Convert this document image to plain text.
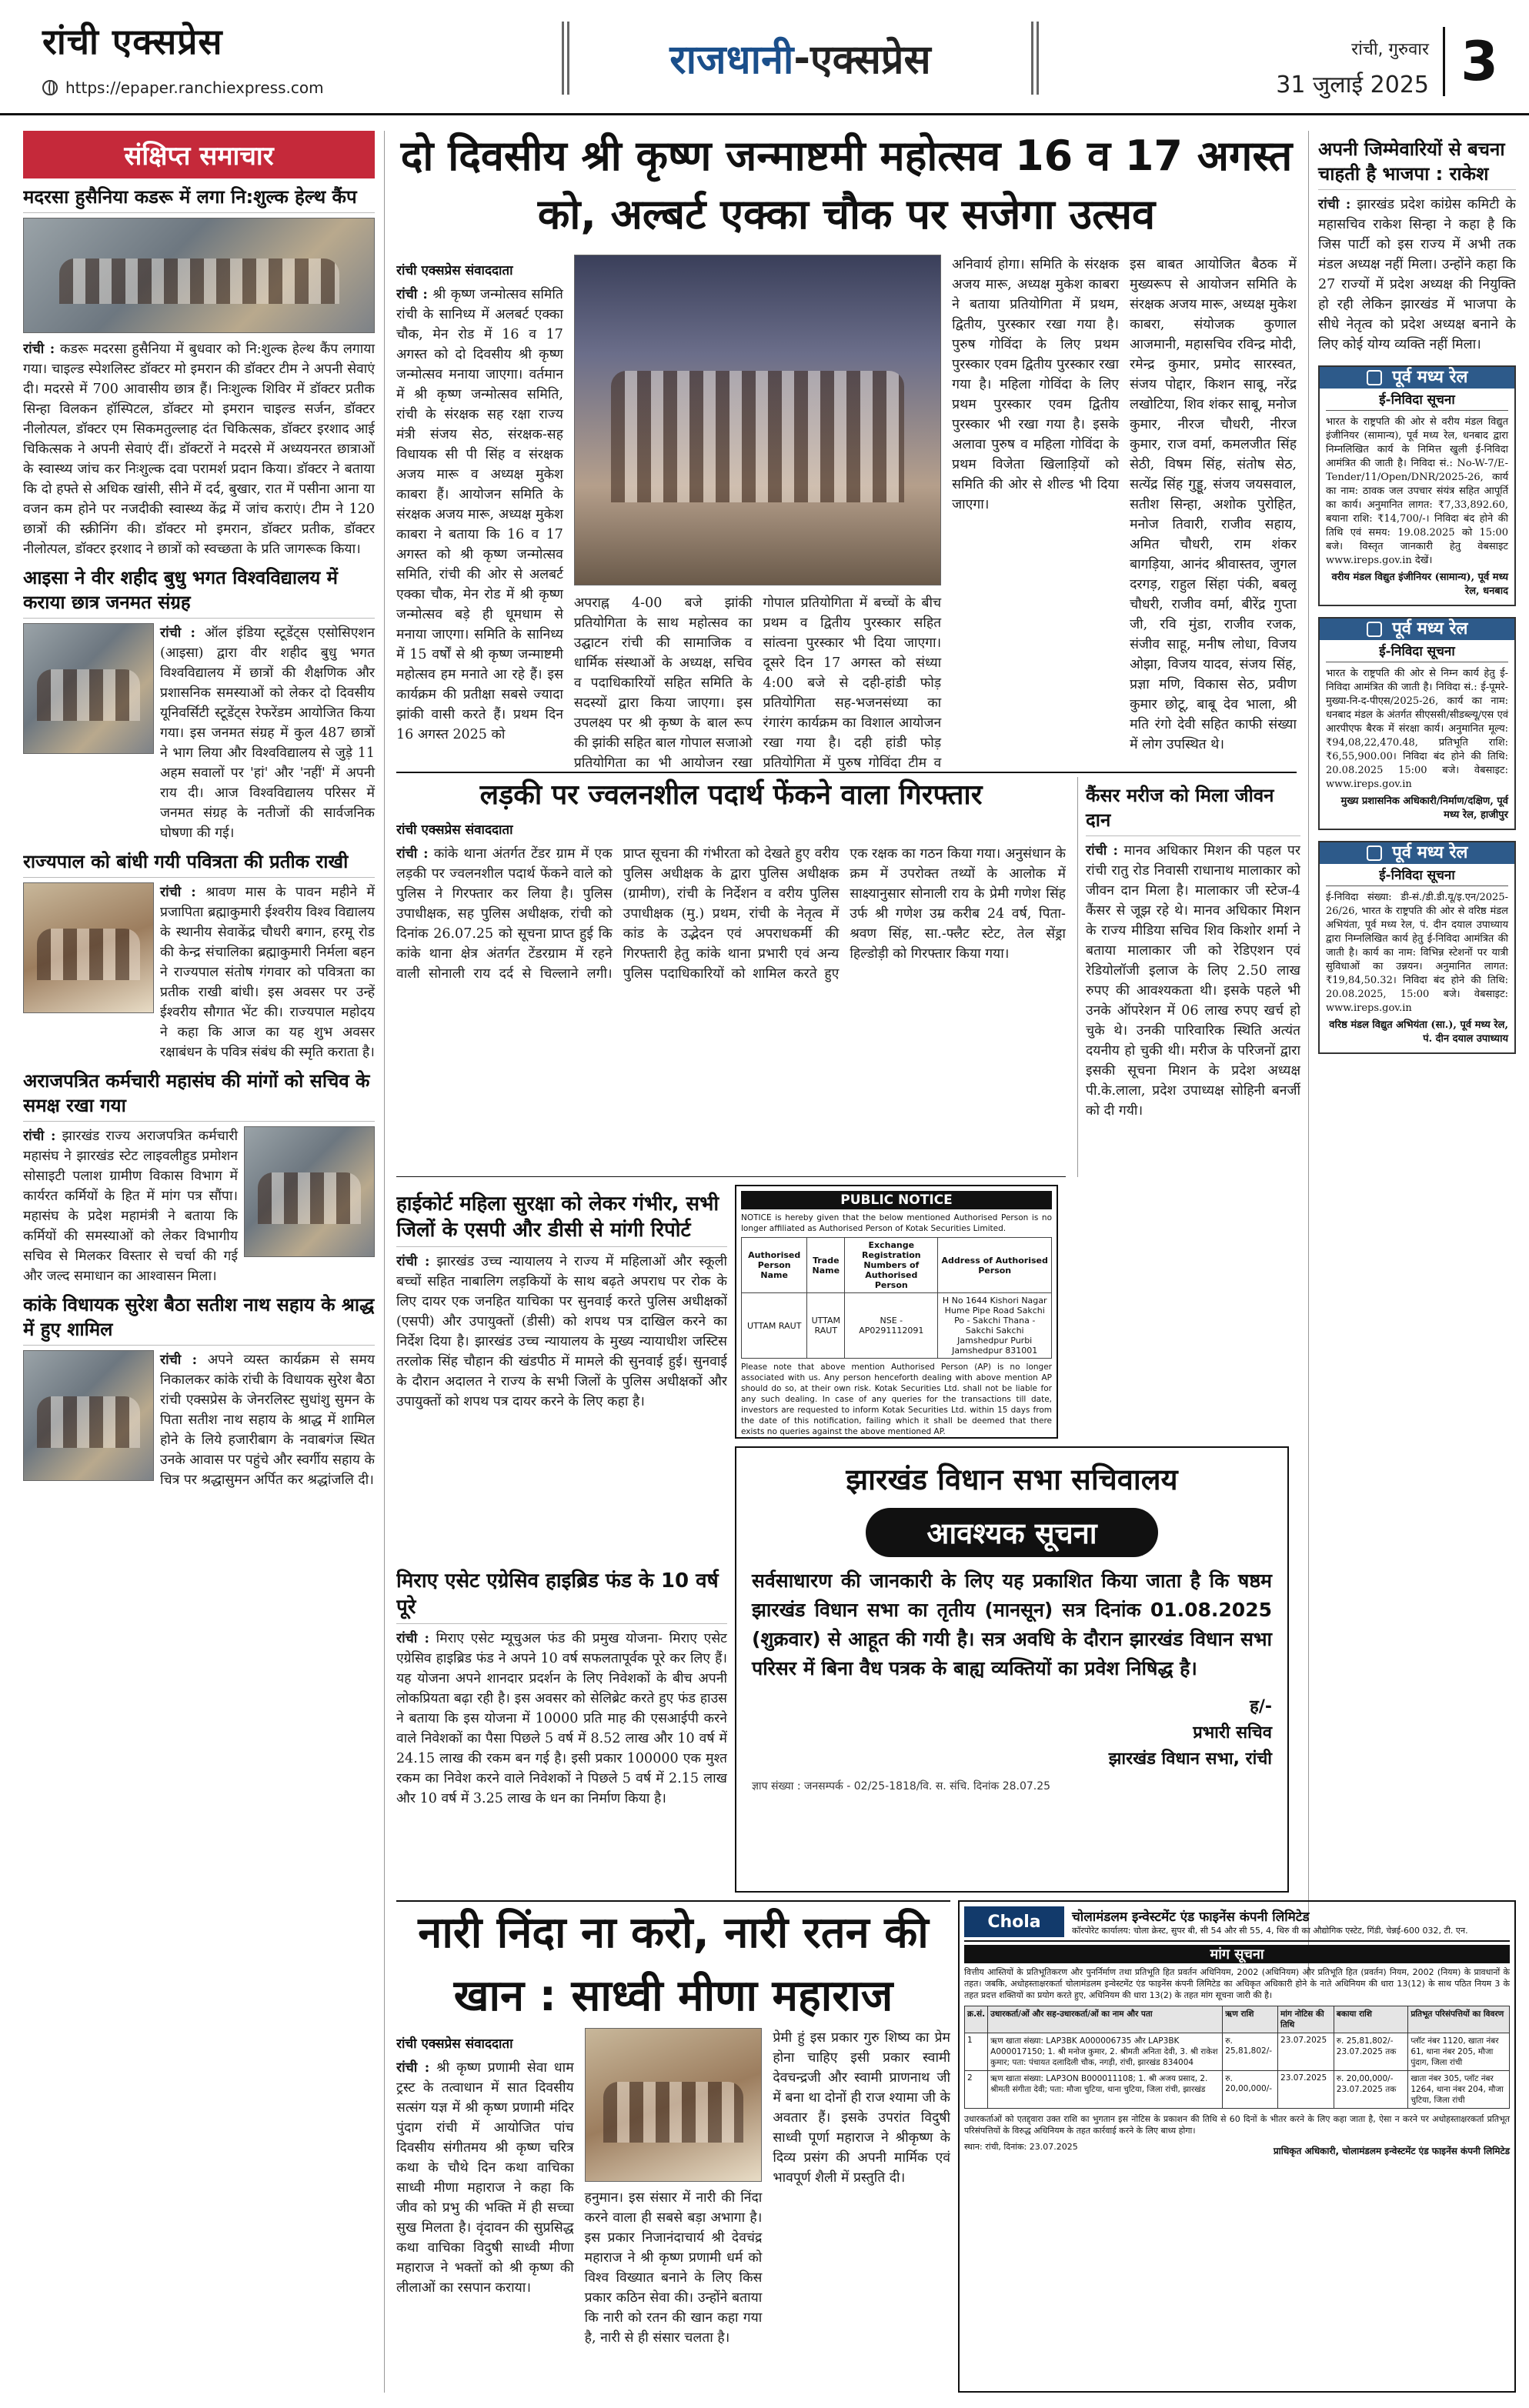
रांची एक्सप्रेस
https://epaper.ranchiexpress.com
राजधानी - एक्सप्रेस	रांची, गुरुवार
31 जुलाई 2025 3
संक्षिप्त समाचार
मदरसा हुसैनिया कडरू में लगा नि:शुल्क हेल्थ कैंप

रांची : कडरू मदरसा हुसैनिया में बुधवार को नि:शुल्क हेल्थ कैंप लगाया गया। चाइल्ड स्पेशलिस्ट डॉक्टर मो इमरान की डॉक्टर टीम ने अपनी सेवाएं दी। मदरसे में 700 आवासीय छात्र हैं। निःशुल्क शिविर में डॉक्टर प्रतीक सिन्हा विलकन हॉस्पिटल, डॉक्टर मो इमरान चाइल्ड सर्जन, डॉक्टर नीलोत्पल, डॉक्टर एम सिकमतुल्लाह दंत चिकित्सक, डॉक्टर इरशाद आई चिकित्सक ने अपनी सेवाएं दीं। डॉक्टरों ने मदरसे में अध्ययनरत छात्राओं के स्वास्थ्य जांच कर निःशुल्क दवा परामर्श प्रदान किया। डॉक्टर ने बताया कि दो हफ्ते से अधिक खांसी, सीने में दर्द, बुखार, रात में पसीना आना या वजन कम होने पर नजदीकी स्वास्थ्य केंद्र में जांच कराएं। टीम ने 120 छात्रों की स्क्रीनिंग की। डॉक्टर मो इमरान, डॉक्टर प्रतीक, डॉक्टर नीलोत्पल, डॉक्टर इरशाद ने छात्रों को स्वच्छता के प्रति जागरूक किया।

आइसा ने वीर शहीद बुधु भगत विश्वविद्यालय में कराया छात्र जनमत संग्रह

रांची : ऑल इंडिया स्टूडेंट्स एसोसिएशन (आइसा) द्वारा वीर शहीद बुधु भगत विश्वविद्यालय में छात्रों की शैक्षणिक और प्रशासनिक समस्याओं को लेकर दो दिवसीय यूनिवर्सिटी स्टूडेंट्स रेफरेंडम आयोजित किया गया। इस जनमत संग्रह में कुल 487 छात्रों ने भाग लिया और विश्वविद्यालय से जुड़े 11 अहम सवालों पर 'हां' और 'नहीं' में अपनी राय दी। आज विश्वविद्यालय परिसर में जनमत संग्रह के नतीजों की सार्वजनिक घोषणा की गई।

राज्यपाल को बांधी गयी पवित्रता की प्रतीक राखी

रांची : श्रावण मास के पावन महीने में प्रजापिता ब्रह्माकुमारी ईश्वरीय विश्व विद्यालय के स्थानीय सेवाकेंद्र चौधरी बगान, हरमू रोड की केन्द्र संचालिका ब्रह्माकुमारी निर्मला बहन ने राज्यपाल संतोष गंगवार को पवित्रता का प्रतीक राखी बांधी। इस अवसर पर उन्हें ईश्वरीय सौगात भेंट की। राज्यपाल महोदय ने कहा कि आज का यह शुभ अवसर रक्षाबंधन के पवित्र संबंध की स्मृति कराता है।

अराजपत्रित कर्मचारी महासंघ की मांगों को सचिव के समक्ष रखा गया

रांची : झारखंड राज्य अराजपत्रित कर्मचारी महासंघ ने झारखंड स्टेट लाइवलीहुड प्रमोशन सोसाइटी पलाश ग्रामीण विकास विभाग में कार्यरत कर्मियों के हित में मांग पत्र सौंपा। महासंघ के प्रदेश महामंत्री ने बताया कि कर्मियों की समस्याओं को लेकर विभागीय सचिव से मिलकर विस्तार से चर्चा की गई और जल्द समाधान का आश्वासन मिला।

कांके विधायक सुरेश बैठा सतीश नाथ सहाय के श्राद्ध में हुए शामिल

रांची : अपने व्यस्त कार्यक्रम से समय निकालकर कांके रांची के विधायक सुरेश बैठा रांची एक्सप्रेस के जेनरलिस्ट सुधांशु सुमन के पिता सतीश नाथ सहाय के श्राद्ध में शामिल होने के लिये हजारीबाग के नवाबगंज स्थित उनके आवास पर पहुंचे और स्वर्गीय सहाय के चित्र पर श्रद्धासुमन अर्पित कर श्रद्धांजलि दी।

दो दिवसीय श्री कृष्ण जन्माष्टमी महोत्सव 16 व 17 अगस्त को, अल्बर्ट एक्का चौक पर सजेगा उत्सव
रांची एक्सप्रेस संवाददाता

रांची : श्री कृष्ण जन्मोत्सव समिति रांची के सानिध्य में अलबर्ट एक्का चौक, मेन रोड में 16 व 17 अगस्त को दो दिवसीय श्री कृष्ण जन्मोत्सव मनाया जाएगा। वर्तमान में श्री कृष्ण जन्मोत्सव समिति, रांची के संरक्षक सह रक्षा राज्य मंत्री संजय सेठ, संरक्षक-सह विधायक सी पी सिंह व संरक्षक अजय मारू व अध्यक्ष मुकेश काबरा हैं। आयोजन समिति के संरक्षक अजय मारू, अध्यक्ष मुकेश काबरा ने बताया कि 16 व 17 अगस्त को श्री कृष्ण जन्मोत्सव समिति, रांची की ओर से अलबर्ट एक्का चौक, मेन रोड में श्री कृष्ण जन्मोत्सव बड़े ही धूमधाम से मनाया जाएगा। समिति के सानिध्य में 15 वर्षों से श्री कृष्ण जन्माष्टमी महोत्सव हम मनाते आ रहे हैं। इस कार्यक्रम की प्रतीक्षा सबसे ज्यादा झांकी वासी करते हैं। प्रथम दिन 16 अगस्त 2025 को

अपराह्न 4-00 बजे झांकी प्रतियोगिता के साथ महोत्सव का उद्घाटन रांची की सामाजिक व धार्मिक संस्थाओं के अध्यक्ष, सचिव व पदाधिकारियों सहित समिति के सदस्यों द्वारा किया जाएगा। इस उपलक्ष्य पर श्री कृष्ण के बाल रूप की झांकी सहित बाल गोपाल सजाओ प्रतियोगिता का भी आयोजन रखा

गोपाल प्रतियोगिता में बच्चों के बीच प्रथम व द्वितीय पुरस्कार सहित सांत्वना पुरस्कार भी दिया जाएगा। दूसरे दिन 17 अगस्त को संध्या 4:00 बजे से दही-हांडी फोड़ प्रतियोगिता सह-भजनसंध्या का रंगारंग कार्यक्रम का विशाल आयोजन रखा गया है। दही हांडी फोड़ प्रतियोगिता में पुरुष गोविंदा टीम व

अनिवार्य होगा। समिति के संरक्षक अजय मारू, अध्यक्ष मुकेश काबरा ने बताया प्रतियोगिता में प्रथम, द्वितीय, पुरस्कार रखा गया है। पुरुष गोविंदा के लिए प्रथम पुरस्कार एवम द्वितीय पुरस्कार रखा गया है। महिला गोविंदा के लिए प्रथम पुरस्कार एवम द्वितीय पुरस्कार भी रखा गया है। इसके अलावा पुरुष व महिला गोविंदा के प्रथम विजेता खिलाड़ियों को समिति की ओर से शील्ड भी दिया जाएगा।

इस बाबत आयोजित बैठक में मुख्यरूप से आयोजन समिति के संरक्षक अजय मारू, अध्यक्ष मुकेश काबरा, संयोजक कुणाल आजमानी, महासचिव रविन्द्र मोदी, रमेन्द्र कुमार, प्रमोद सारस्वत, संजय पोद्दार, किशन साबू, नरेंद्र लखोटिया, शिव शंकर साबू, मनोज कुमार, नीरज चौधरी, नीरज कुमार, राज वर्मा, कमलजीत सिंह सेठी, विषम सिंह, संतोष सेठ, सत्येंद्र सिंह गुड्डू, संजय जयसवाल, सतीश सिन्हा, अशोक पुरोहित, मनोज तिवारी, राजीव सहाय, अमित चौधरी, राम शंकर बागड़िया, आनंद श्रीवास्तव, जुगल दरगड़, राहुल सिंहा पंकी, बबलू चौधरी, राजीव वर्मा, बीरेंद्र गुप्ता जी, रवि मुंडा, राजीव रजक, संजीव साहू, मनीष लोधा, विजय ओझा, विजय यादव, संजय सिंह, प्रज्ञा मणि, विकास सेठ, प्रवीण कुमार छोटू, बाबू देव भाला, श्री मति रंगो देवी सहित काफी संख्या में लोग उपस्थित थे।

अपनी जिम्मेवारियों से बचना चाहती है भाजपा : राकेश

रांची : झारखंड प्रदेश कांग्रेस कमिटी के महासचिव राकेश सिन्हा ने कहा है कि जिस पार्टी को इस राज्य में अभी तक मंडल अध्यक्ष नहीं मिला। उन्होंने कहा कि 27 राज्यों में प्रदेश अध्यक्ष की नियुक्ति हो रही लेकिन झारखंड में भाजपा के सीधे नेतृत्व को प्रदेश अध्यक्ष बनाने के लिए कोई योग्य व्यक्ति नहीं मिला।

पूर्व मध्य रेल
ई-निविदा सूचना

भारत के राष्ट्रपति की ओर से वरीय मंडल विद्युत इंजीनियर (सामान्य), पूर्व मध्य रेल, धनबाद द्वारा निम्नलिखित कार्य के निमित्त खुली ई-निविदा आमंत्रित की जाती है। निविदा सं.: No-W-7/E-Tender/11/Open/DNR/2025-26, कार्य का नाम: ठावक जल उपचार संयंत्र सहित आपूर्ति का कार्य। अनुमानित लागत: ₹7,33,892.60, बयाना राशि: ₹14,700/-। निविदा बंद होने की तिथि एवं समय: 19.08.2025 को 15:00 बजे। विस्तृत जानकारी हेतु वेबसाइट www.ireps.gov.in देखें।

वरीय मंडल विद्युत इंजीनियर (सामान्य), पूर्व मध्य रेल, धनबाद

पूर्व मध्य रेल
ई-निविदा सूचना

भारत के राष्ट्रपति की ओर से निम्न कार्य हेतु ई-निविदा आमंत्रित की जाती है। निविदा सं.: ई-पूमरे-मुख्या-नि-द-पीएस/2025-26, कार्य का नाम: धनबाद मंडल के अंतर्गत सीएससी/सीडब्ल्यू/एस एवं आरपीएफ बैरक में संरक्षा कार्य। अनुमानित मूल्य: ₹94,08,22,470.48, प्रतिभूति राशि: ₹6,55,900.00। निविदा बंद होने की तिथि: 20.08.2025 15:00 बजे। वेबसाइट: www.ireps.gov.in

मुख्य प्रशासनिक अधिकारी/निर्माण/दक्षिण, पूर्व मध्य रेल, हाजीपुर

पूर्व मध्य रेल
ई-निविदा सूचना

ई-निविदा संख्या: डी-सं./डी.डी.यू/इ.एन/2025-26/26, भारत के राष्ट्रपति की ओर से वरिष्ठ मंडल अभियंता, पूर्व मध्य रेल, पं. दीन दयाल उपाध्याय द्वारा निम्नलिखित कार्य हेतु ई-निविदा आमंत्रित की जाती है। कार्य का नाम: विभिन्न स्टेशनों पर यात्री सुविधाओं का उन्नयन। अनुमानित लागत: ₹19,84,50.32। निविदा बंद होने की तिथि: 20.08.2025, 15:00 बजे। वेबसाइट: www.ireps.gov.in

वरिष्ठ मंडल विद्युत अभियंता (सा.), पूर्व मध्य रेल, पं. दीन दयाल उपाध्याय

लड़की पर ज्वलनशील पदार्थ फेंकने वाला गिरफ्तार
रांची एक्सप्रेस संवाददाता

रांची : कांके थाना अंतर्गत टेंडर ग्राम में एक लड़की पर ज्वलनशील पदार्थ फेंकने वाले को पुलिस ने गिरफ्तार कर लिया है। पुलिस उपाधीक्षक, सह पुलिस अधीक्षक, रांची को दिनांक 26.07.25 को सूचना प्राप्त हुई कि कांके थाना क्षेत्र अंतर्गत टेंडरग्राम में रहने वाली सोनाली राय दर्द से चिल्लाने लगी। प्राप्त सूचना की गंभीरता को देखते हुए वरीय पुलिस अधीक्षक के द्वारा पुलिस अधीक्षक (ग्रामीण), रांची के निर्देशन व वरीय पुलिस उपाधीक्षक (मु.) प्रथम, रांची के नेतृत्व में कांड के उद्भेदन एवं अपराधकर्मी की गिरफ्तारी हेतु कांके थाना प्रभारी एवं अन्य पुलिस पदाधिकारियों को शामिल करते हुए एक रक्षक का गठन किया गया। अनुसंधान के क्रम में उपरोक्त तथ्यों के आलोक में साक्ष्यानुसार सोनाली राय के प्रेमी गणेश सिंह उर्फ श्री गणेश उम्र करीब 24 वर्ष, पिता-श्रवण सिंह, सा.-फ्लैट स्टेट, तेल सेंड्रा हिल्डोड़ी को गिरफ्तार किया गया।

कैंसर मरीज को मिला जीवन दान

रांची : मानव अधिकार मिशन की पहल पर रांची रातु रोड निवासी राधानाथ मालाकार को जीवन दान मिला है। मालाकार जी स्टेज-4 कैंसर से जूझ रहे थे। मानव अधिकार मिशन के राज्य मीडिया सचिव शिव किशोर शर्मा ने बताया मालाकार जी को रेडिएशन एवं रेडियोलॉजी इलाज के लिए 2.50 लाख रुपए की आवश्यकता थी। इसके पहले भी उनके ऑपरेशन में 06 लाख रुपए खर्च हो चुके थे। उनकी पारिवारिक स्थिति अत्यंत दयनीय हो चुकी थी। मरीज के परिजनों द्वारा इसकी सूचना मिशन के प्रदेश अध्यक्ष पी.के.लाला, प्रदेश उपाध्यक्ष सोहिनी बनर्जी को दी गयी।

हाईकोर्ट महिला सुरक्षा को लेकर गंभीर, सभी जिलों के एसपी और डीसी से मांगी रिपोर्ट

रांची : झारखंड उच्च न्यायालय ने राज्य में महिलाओं और स्कूली बच्चों सहित नाबालिग लड़कियों के साथ बढ़ते अपराध पर रोक के लिए दायर एक जनहित याचिका पर सुनवाई करते पुलिस अधीक्षकों (एसपी) और उपायुक्तों (डीसी) को शपथ पत्र दाखिल करने का निर्देश दिया है। झारखंड उच्च न्यायालय के मुख्य न्यायाधीश जस्टिस तरलोक सिंह चौहान की खंडपीठ में मामले की सुनवाई हुई। सुनवाई के दौरान अदालत ने राज्य के सभी जिलों के पुलिस अधीक्षकों और उपायुक्तों को शपथ पत्र दायर करने के लिए कहा है।

PUBLIC NOTICE

NOTICE is hereby given that the below mentioned Authorised Person is no longer affiliated as Authorised Person of Kotak Securities Limited.

Authorised Person Name	Trade Name	Exchange Registration Numbers of Authorised Person	Address of Authorised Person
UTTAM RAUT	UTTAM RAUT	NSE - AP0291112091	H No 1644 Kishori Nagar Hume Pipe Road Sakchi Po - Sakchi Thana - Sakchi Sakchi Jamshedpur Purbi Jamshedpur 831001

Please note that above mention Authorised Person (AP) is no longer associated with us. Any person henceforth dealing with above mention AP should do so, at their own risk. Kotak Securities Ltd. shall not be liable for any such dealing. In case of any queries for the transactions till date, investors are requested to inform Kotak Securities Ltd. within 15 days from the date of this notification, failing which it shall be deemed that there exists no queries against the above mentioned AP.

मिराए एसेट एग्रेसिव हाइब्रिड फंड के 10 वर्ष पूरे

रांची : मिराए एसेट म्यूचुअल फंड की प्रमुख योजना- मिराए एसेट एग्रेसिव हाइब्रिड फंड ने अपने 10 वर्ष सफलतापूर्वक पूरे कर लिए हैं। यह योजना अपने शानदार प्रदर्शन के लिए निवेशकों के बीच अपनी लोकप्रियता बढ़ा रही है। इस अवसर को सेलिब्रेट करते हुए फंड हाउस ने बताया कि इस योजना में 10000 प्रति माह की एसआईपी करने वाले निवेशकों का पैसा पिछले 5 वर्ष में 8.52 लाख और 10 वर्ष में 24.15 लाख की रकम बन गई है। इसी प्रकार 100000 एक मुश्त रकम का निवेश करने वाले निवेशकों ने पिछले 5 वर्ष में 2.15 लाख और 10 वर्ष में 3.25 लाख के धन का निर्माण किया है।

झारखंड विधान सभा सचिवालय
आवश्यक सूचना

सर्वसाधारण की जानकारी के लिए यह प्रकाशित किया जाता है कि षष्ठम झारखंड विधान सभा का तृतीय (मानसून) सत्र दिनांक 01.08.2025 (शुक्रवार) से आहूत की गयी है। सत्र अवधि के दौरान झारखंड विधान सभा परिसर में बिना वैध पत्रक के बाह्य व्यक्तियों का प्रवेश निषिद्ध है।

ह/-
प्रभारी सचिव
झारखंड विधान सभा, रांची
ज्ञाप संख्या : जनसम्पर्क - 02/25-1818/वि. स. संचि. दिनांक 28.07.25
नारी निंदा ना करो, नारी रतन की खान : साध्वी मीणा महाराज
रांची एक्सप्रेस संवाददाता

रांची : श्री कृष्ण प्रणामी सेवा धाम ट्रस्ट के तत्वाधान में सात दिवसीय सत्संग यज्ञ में श्री कृष्ण प्रणामी मंदिर पुंदाग रांची में आयोजित पांच दिवसीय संगीतमय श्री कृष्ण चरित्र कथा के चौथे दिन कथा वाचिका साध्वी मीणा महाराज ने कहा कि जीव को प्रभु की भक्ति में ही सच्चा सुख मिलता है। वृंदावन की सुप्रसिद्ध कथा वाचिका विदुषी साध्वी मीणा महाराज ने भक्तों को श्री कृष्ण की लीलाओं का रसपान कराया।

हनुमान। इस संसार में नारी की निंदा करने वाला ही सबसे बड़ा अभागा है। इस प्रकार निजानंदाचार्य श्री देवचंद्र महाराज ने श्री कृष्ण प्रणामी धर्म को विश्व विख्यात बनाने के लिए किस प्रकार कठिन सेवा की। उन्होंने बताया कि नारी को रतन की खान कहा गया है, नारी से ही संसार चलता है।

प्रेमी हुं इस प्रकार गुरु शिष्य का प्रेम होना चाहिए इसी प्रकार स्वामी देवचन्द्रजी और स्वामी प्राणनाथ जी में बना था दोनों ही राज श्यामा जी के अवतार हैं। इसके उपरांत विदुषी साध्वी पूर्णा महाराज ने श्रीकृष्ण के दिव्य प्रसंग की अपनी मार्मिक एवं भावपूर्ण शैली में प्रस्तुति दी।

Chola	चोलामंडलम इन्वेस्टमेंट एंड फाइनेंस कंपनी लिमिटेड
कॉरपोरेट कार्यालय: चोला क्रेस्ट, सुपर बी, सी 54 और सी 55, 4, थिरु वी का औद्योगिक एस्टेट, गिंडी, चेन्नई-600 032, टी. एन.
मांग सूचना

वित्तीय आस्तियों के प्रतिभूतिकरण और पुनर्निर्माण तथा प्रतिभूति हित प्रवर्तन अधिनियम, 2002 (अधिनियम) और प्रतिभूति हित (प्रवर्तन) नियम, 2002 (नियम) के प्रावधानों के तहत। जबकि, अधोहस्ताक्षरकर्ता चोलामंडलम इन्वेस्टमेंट एंड फाइनेंस कंपनी लिमिटेड का अधिकृत अधिकारी होने के नाते अधिनियम की धारा 13(12) के साथ पठित नियम 3 के तहत प्रदत्त शक्तियों का प्रयोग करते हुए, अधिनियम की धारा 13(2) के तहत मांग सूचना जारी की है।

क्र.सं.	उधारकर्ता/ओं और सह-उधारकर्ता/ओं का नाम और पता	ऋण राशि	मांग नोटिस की तिथि	बकाया राशि	प्रतिभूत परिसंपत्तियों का विवरण
1	ऋण खाता संख्या: LAP3BK A000006735 और LAP3BK A000017150; 1. श्री मनोज कुमार, 2. श्रीमती अनिता देवी, 3. श्री राकेश कुमार; पता: पंचायत दलादिली चौक, नगड़ी, रांची, झारखंड 834004	रु. 25,81,802/-	23.07.2025	रु. 25,81,802/- 23.07.2025 तक	प्लॉट नंबर 1120, खाता नंबर 61, थाना नंबर 205, मौजा पुंदाग, जिला रांची
2	ऋण खाता संख्या: LAP3ON B000011108; 1. श्री अजय प्रसाद, 2. श्रीमती संगीता देवी; पता: मौजा चुटिया, थाना चुटिया, जिला रांची, झारखंड	रु. 20,00,000/-	23.07.2025	रु. 20,00,000/- 23.07.2025 तक	खाता नंबर 305, प्लॉट नंबर 1264, थाना नंबर 204, मौजा चुटिया, जिला रांची

उधारकर्ताओं को एतद्द्वारा उक्त राशि का भुगतान इस नोटिस के प्रकाशन की तिथि से 60 दिनों के भीतर करने के लिए कहा जाता है, ऐसा न करने पर अधोहस्ताक्षरकर्ता प्रतिभूत परिसंपत्तियों के विरुद्ध अधिनियम के तहत कार्रवाई करने के लिए बाध्य होगा।

स्थान: रांची, दिनांक: 23.07.2025	प्राधिकृत अधिकारी, चोलामंडलम इन्वेस्टमेंट एंड फाइनेंस कंपनी लिमिटेड
